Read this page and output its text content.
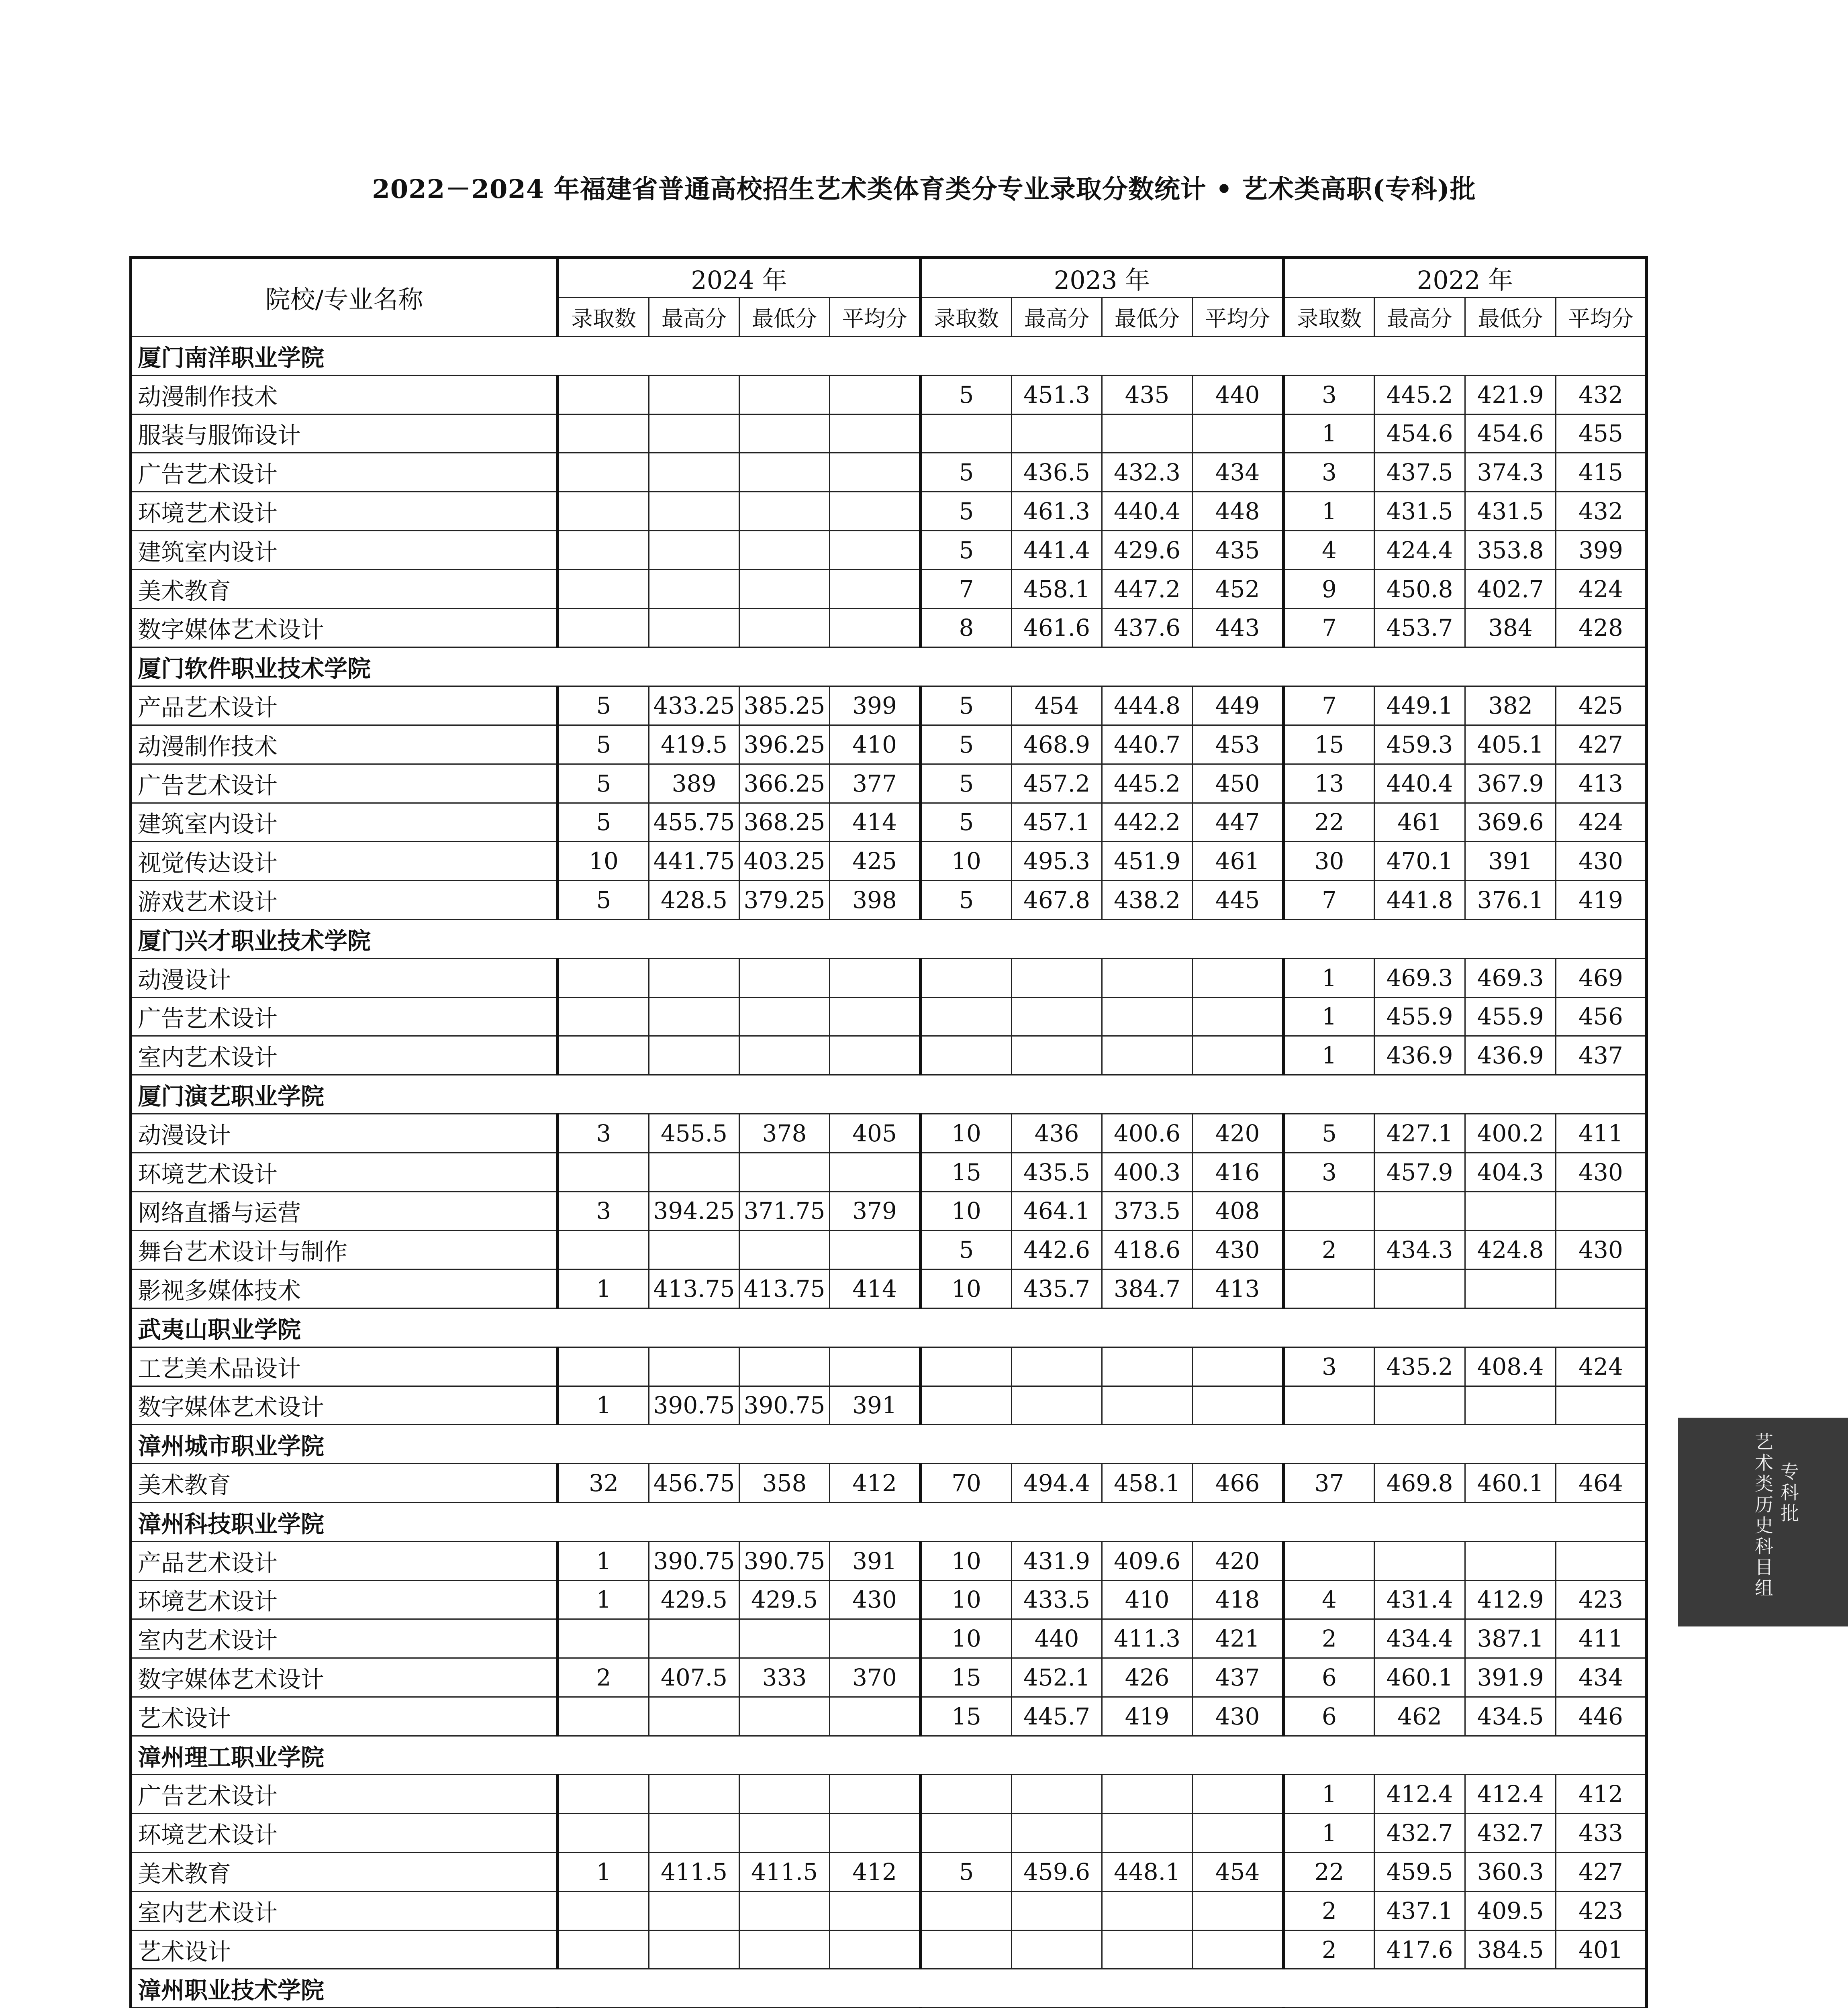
2022－2024 年福建省普通高校招生艺术类体育类分专业录取分数统计 • 艺术类高职(专科)批
院校/专业名称	2024 年				2023 年				2022 年			
	录取数	最高分	最低分	平均分	录取数	最高分	最低分	平均分	录取数	最高分	最低分	平均分
厦门南洋职业学院												
动漫制作技术					5	451.3	435	440	3	445.2	421.9	432
服装与服饰设计									1	454.6	454.6	455
广告艺术设计					5	436.5	432.3	434	3	437.5	374.3	415
环境艺术设计					5	461.3	440.4	448	1	431.5	431.5	432
建筑室内设计					5	441.4	429.6	435	4	424.4	353.8	399
美术教育					7	458.1	447.2	452	9	450.8	402.7	424
数字媒体艺术设计					8	461.6	437.6	443	7	453.7	384	428
厦门软件职业技术学院												
产品艺术设计	5	433.25	385.25	399	5	454	444.8	449	7	449.1	382	425
动漫制作技术	5	419.5	396.25	410	5	468.9	440.7	453	15	459.3	405.1	427
广告艺术设计	5	389	366.25	377	5	457.2	445.2	450	13	440.4	367.9	413
建筑室内设计	5	455.75	368.25	414	5	457.1	442.2	447	22	461	369.6	424
视觉传达设计	10	441.75	403.25	425	10	495.3	451.9	461	30	470.1	391	430
游戏艺术设计	5	428.5	379.25	398	5	467.8	438.2	445	7	441.8	376.1	419
厦门兴才职业技术学院												
动漫设计									1	469.3	469.3	469
广告艺术设计									1	455.9	455.9	456
室内艺术设计									1	436.9	436.9	437
厦门演艺职业学院												
动漫设计	3	455.5	378	405	10	436	400.6	420	5	427.1	400.2	411
环境艺术设计					15	435.5	400.3	416	3	457.9	404.3	430
网络直播与运营	3	394.25	371.75	379	10	464.1	373.5	408				
舞台艺术设计与制作					5	442.6	418.6	430	2	434.3	424.8	430
影视多媒体技术	1	413.75	413.75	414	10	435.7	384.7	413				
武夷山职业学院												
工艺美术品设计									3	435.2	408.4	424
数字媒体艺术设计	1	390.75	390.75	391								
漳州城市职业学院												
美术教育	32	456.75	358	412	70	494.4	458.1	466	37	469.8	460.1	464
漳州科技职业学院												
产品艺术设计	1	390.75	390.75	391	10	431.9	409.6	420				
环境艺术设计	1	429.5	429.5	430	10	433.5	410	418	4	431.4	412.9	423
室内艺术设计					10	440	411.3	421	2	434.4	387.1	411
数字媒体艺术设计	2	407.5	333	370	15	452.1	426	437	6	460.1	391.9	434
艺术设计					15	445.7	419	430	6	462	434.5	446
漳州理工职业学院												
广告艺术设计									1	412.4	412.4	412
环境艺术设计									1	432.7	432.7	433
美术教育	1	411.5	411.5	412	5	459.6	448.1	454	22	459.5	360.3	427
室内艺术设计									2	437.1	409.5	423
艺术设计									2	417.6	384.5	401
漳州职业技术学院												

艺术类历史科目组 专科批
